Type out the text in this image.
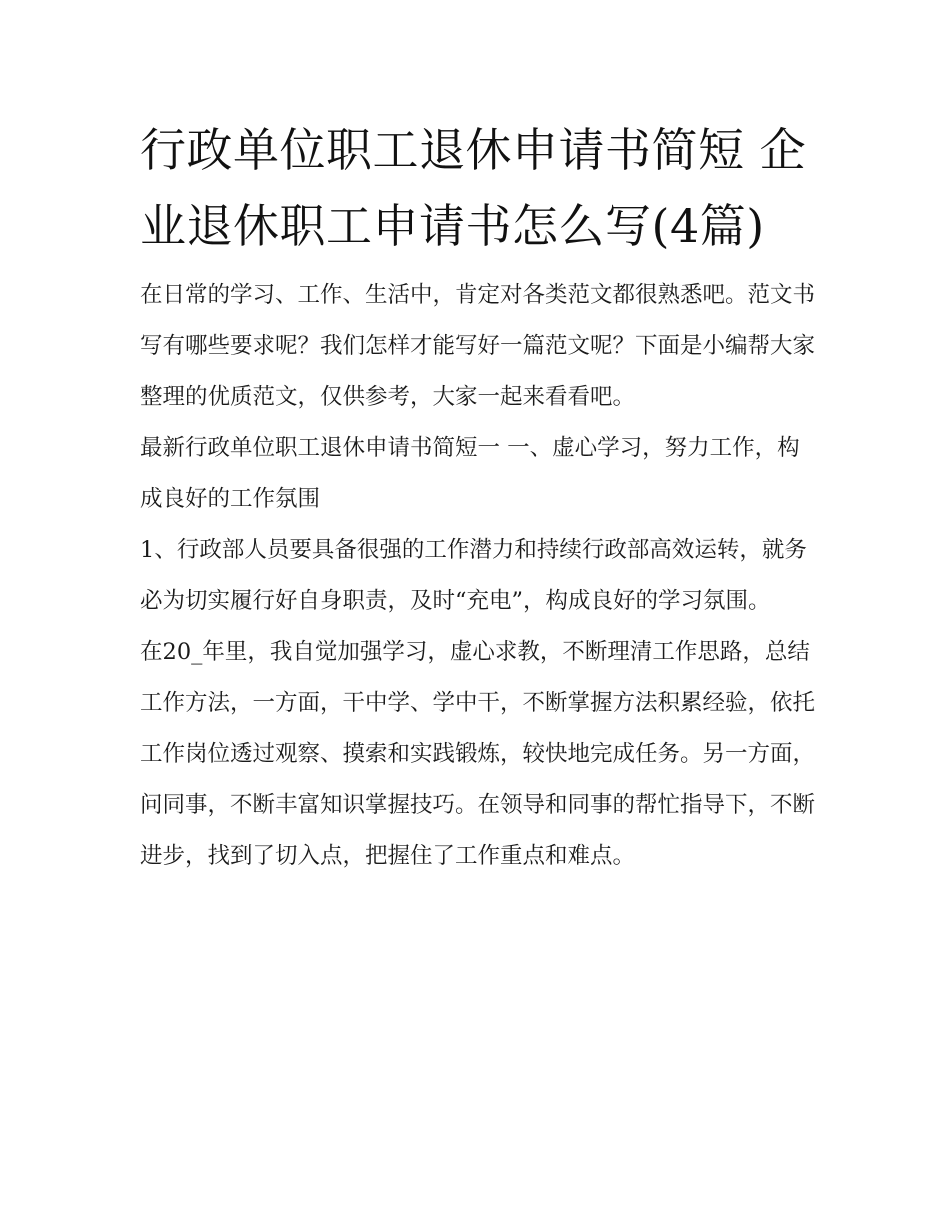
行政单位职工退休申请书简短 企业退休职工申请书怎么写(4篇)

在日常的学习、工作、生活中，肯定对各类范文都很熟悉吧。范文书写有哪些要求呢？我们怎样才能写好一篇范文呢？下面是小编帮大家整理的优质范文，仅供参考，大家一起来看看吧。

最新行政单位职工退休申请书简短一 一、虚心学习，努力工作，构成良好的工作氛围

1、行政部人员要具备很强的工作潜力和持续行政部高效运转，就务必为切实履行好自身职责，及时“充电”，构成良好的学习氛围。

在20_年里，我自觉加强学习，虚心求教，不断理清工作思路，总结工作方法，一方面，干中学、学中干，不断掌握方法积累经验，依托工作岗位透过观察、摸索和实践锻炼，较快地完成任务。另一方面，问同事，不断丰富知识掌握技巧。在领导和同事的帮忙指导下，不断进步，找到了切入点，把握住了工作重点和难点。
